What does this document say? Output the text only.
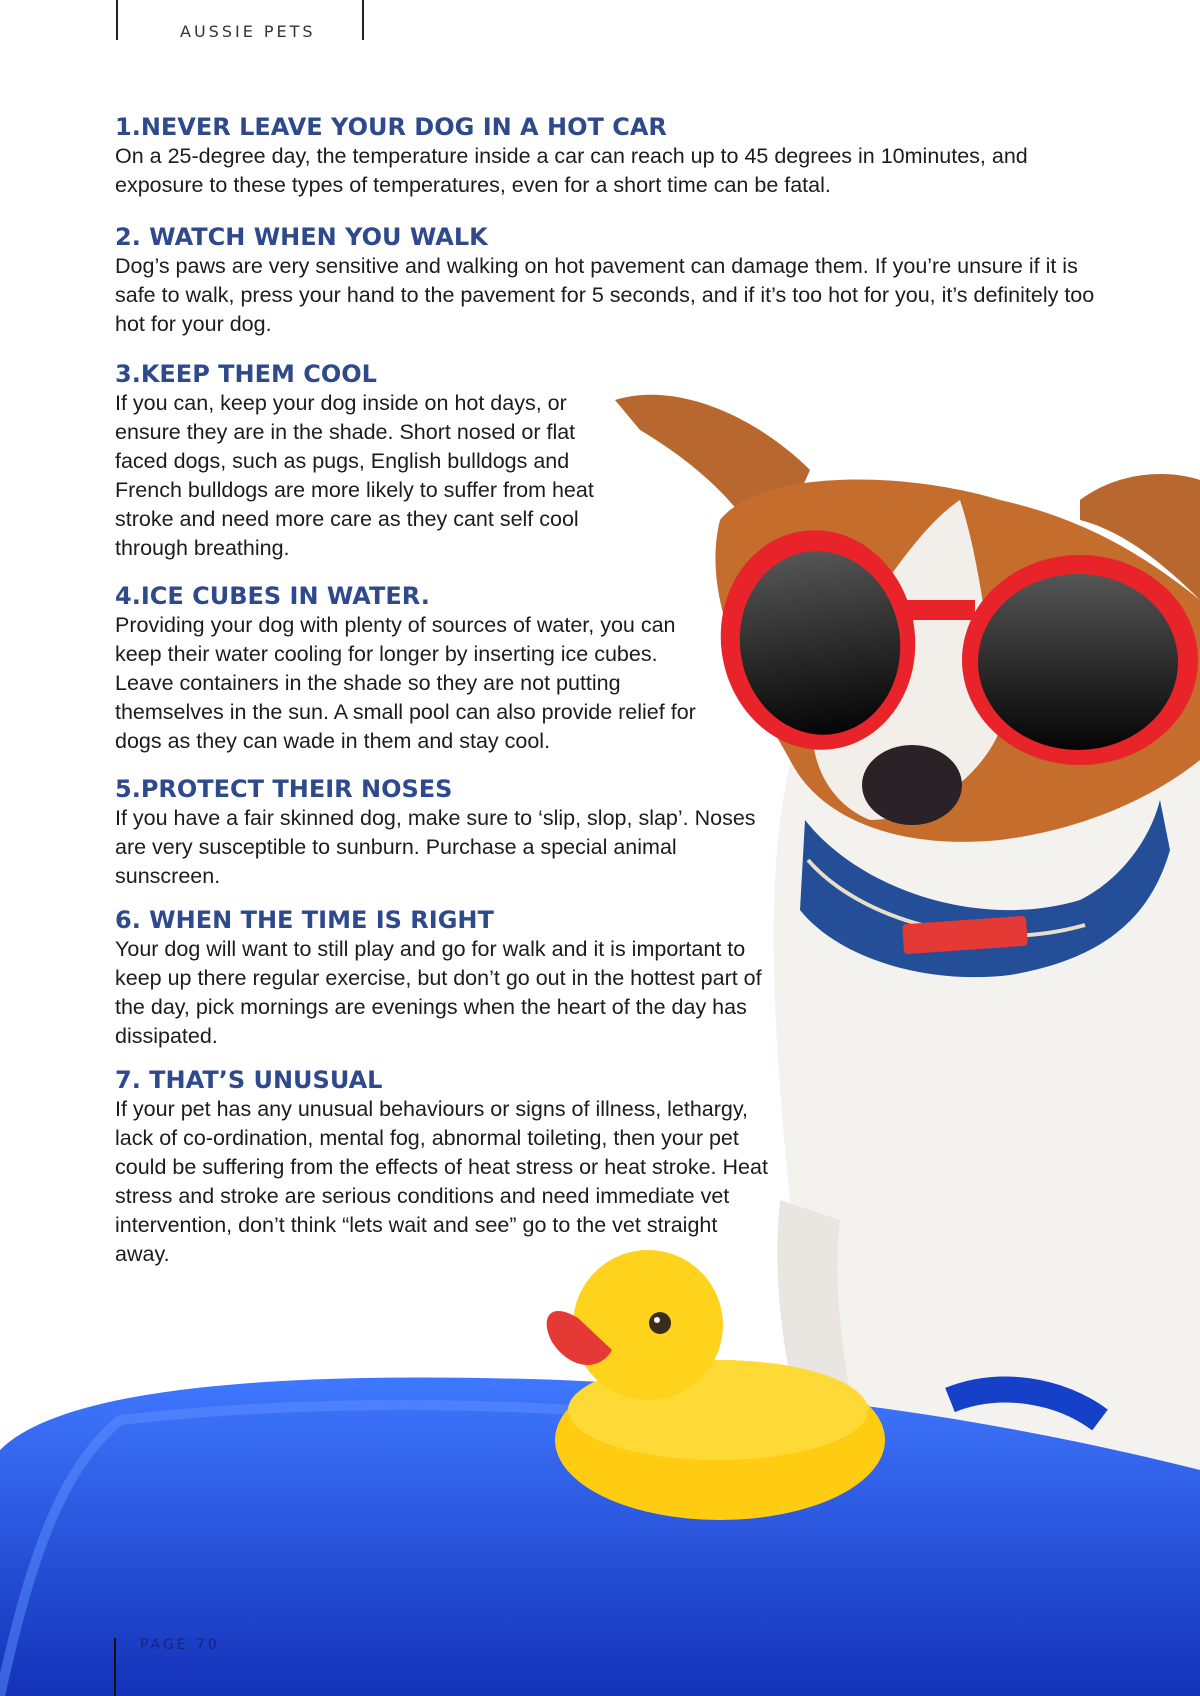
AUSSIE PETS
1.NEVER LEAVE YOUR DOG IN A HOT CAR

On a 25-degree day, the temperature inside a car can reach up to 45 degrees in 10minutes, and exposure to these types of temperatures, even for a short time can be fatal.

2. WATCH WHEN YOU WALK

Dog’s paws are very sensitive and walking on hot pavement can damage them. If you’re unsure if it is safe to walk, press your hand to the pavement for 5 seconds, and if it’s too hot for you, it’s definitely too hot for your dog.

3.KEEP THEM COOL

If you can, keep your dog inside on hot days, or ensure they are in the shade. Short nosed or flat faced dogs, such as pugs, English bulldogs and French bulldogs are more likely to suffer from heat stroke and need more care as they cant self cool through breathing.

4.ICE CUBES IN WATER.

Providing your dog with plenty of sources of water, you can keep their water cooling for longer by inserting ice cubes. Leave containers in the shade so they are not putting themselves in the sun. A small pool can also provide relief for dogs as they can wade in them and stay cool.

5.PROTECT THEIR NOSES

If you have a fair skinned dog, make sure to ‘slip, slop, slap’. Noses are very susceptible to sunburn. Purchase a special animal sunscreen.

6. WHEN THE TIME IS RIGHT

Your dog will want to still play and go for walk and it is important to keep up there regular exercise, but don’t go out in the hottest part of the day, pick mornings are evenings when the heart of the day has dissipated.

7. THAT’S UNUSUAL

If your pet has any unusual behaviours or signs of illness, lethargy, lack of co-ordination, mental fog, abnormal toileting, then your pet could be suffering from the effects of heat stress or heat stroke. Heat stress and stroke are serious conditions and need immediate vet intervention, don’t think “lets wait and see” go to the vet straight away.

PAGE 70
